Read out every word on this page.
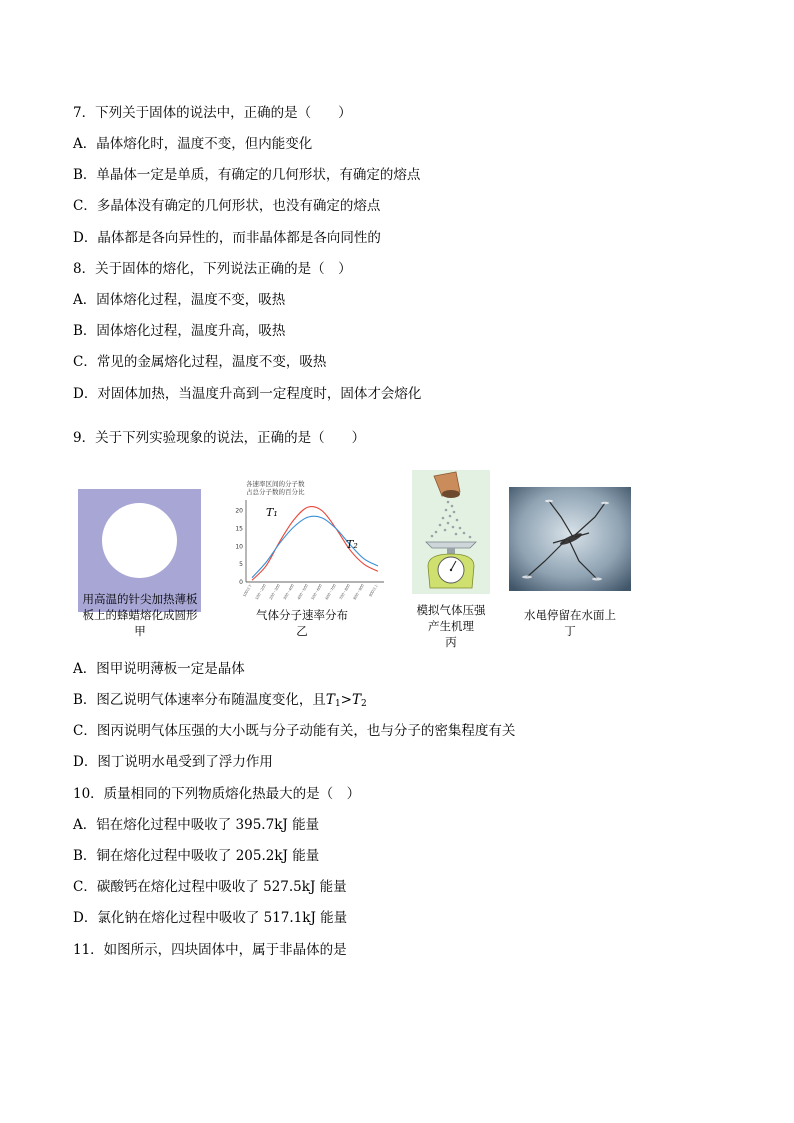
7．下列关于固体的说法中，正确的是（　　）
A．晶体熔化时，温度不变，但内能变化
B．单晶体一定是单质，有确定的几何形状，有确定的熔点
C．多晶体没有确定的几何形状，也没有确定的熔点
D．晶体都是各向异性的，而非晶体都是各向同性的
8．关于固体的熔化，下列说法正确的是（　）
A．固体熔化过程，温度不变，吸热
B．固体熔化过程，温度升高，吸热
C．常见的金属熔化过程，温度不变，吸热
D．对固体加热，当温度升高到一定程度时，固体才会熔化
9．关于下列实验现象的说法，正确的是（　　）
用高温的针尖加热薄板
板上的蜂蜡熔化成圆形
甲
各速率区间的分子数
占总分子数的百分比
0
5
10
15
20
100以下 100～200 200～300 300～400 400～500 500～600 600～700 700～800 800～900 900以上
T₁
T₂
气体分子速率分布
乙
模拟气体压强
产生机理
丙
水黾停留在水面上
丁
A．图甲说明薄板一定是晶体
B．图乙说明气体速率分布随温度变化，且$T_1>T_2$
C．图丙说明气体压强的大小既与分子动能有关，也与分子的密集程度有关
D．图丁说明水黾受到了浮力作用
10．质量相同的下列物质熔化热最大的是（　）
A．铝在熔化过程中吸收了 395.7kJ 能量
B．铜在熔化过程中吸收了 205.2kJ 能量
C．碳酸钙在熔化过程中吸收了 527.5kJ 能量
D．氯化钠在熔化过程中吸收了 517.1kJ 能量
11．如图所示，四块固体中，属于非晶体的是
